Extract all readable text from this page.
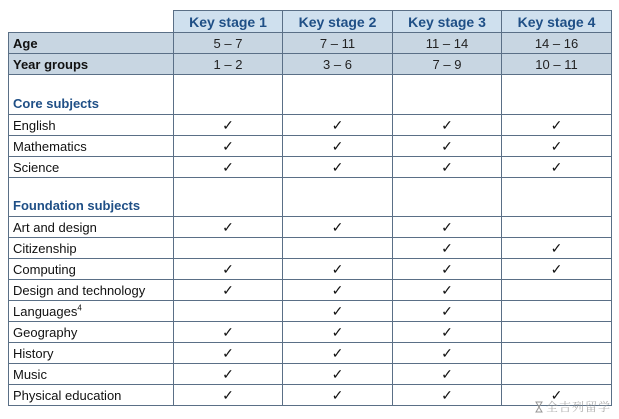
	Key stage 1	Key stage 2	Key stage 3	Key stage 4
Age	5 – 7	7 – 11	11 – 14	14 – 16
Year groups	1 – 2	3 – 6	7 – 9	10 – 11
Core subjects				
English	✓	✓	✓	✓
Mathematics	✓	✓	✓	✓
Science	✓	✓	✓	✓
Foundation subjects				
Art and design	✓	✓	✓	
Citizenship			✓	✓
Computing	✓	✓	✓	✓
Design and technology	✓	✓	✓	
Languages$^4$		✓	✓	
Geography	✓	✓	✓	
History	✓	✓	✓	
Music	✓	✓	✓	
Physical education	✓	✓	✓	✓
全吉列留学
